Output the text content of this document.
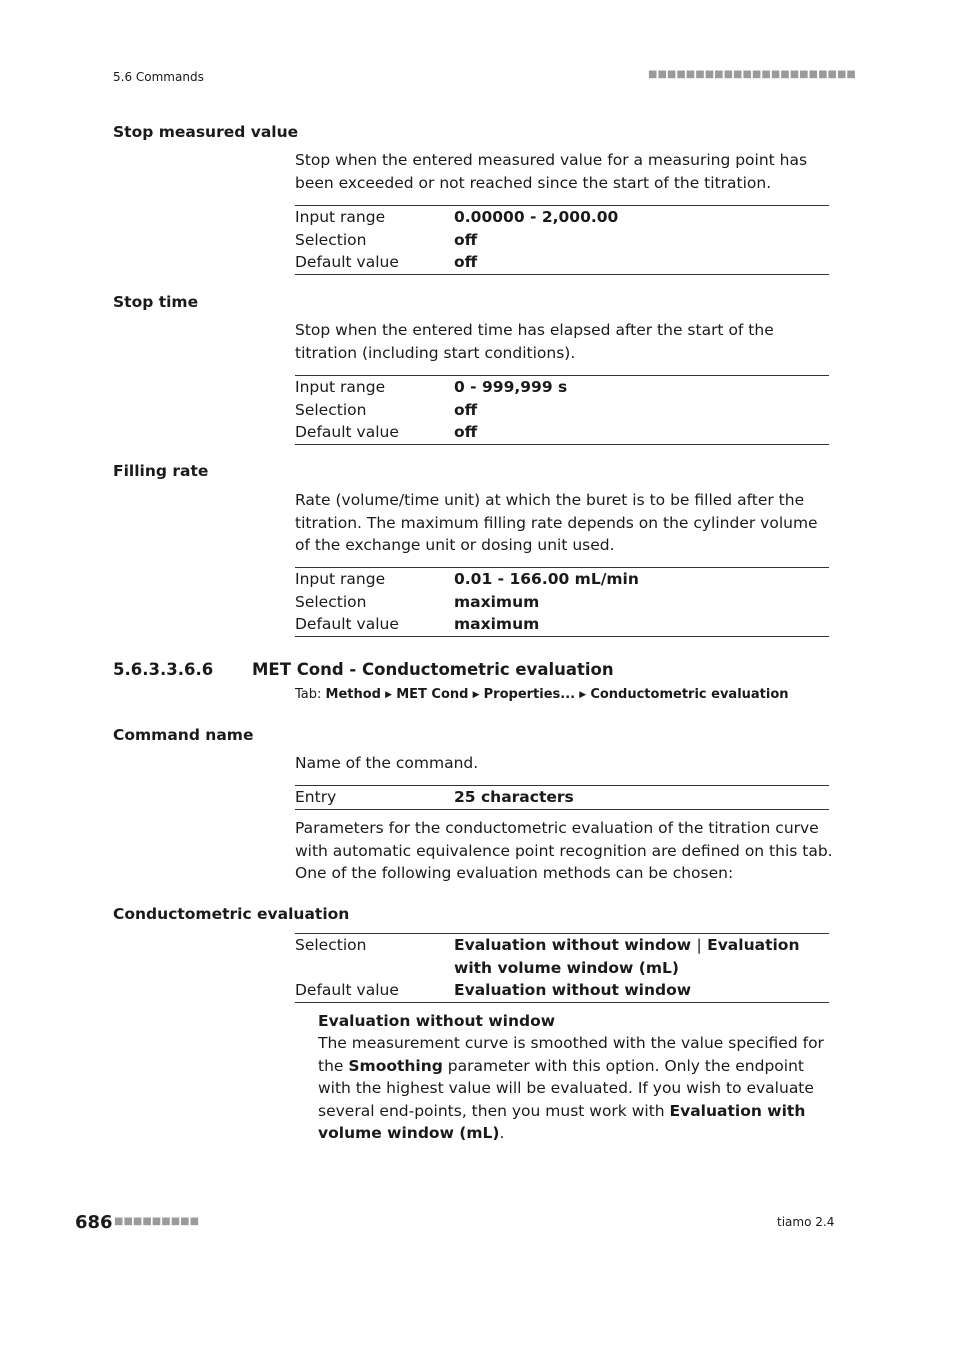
5.6 Commands	■■■■■■■■■■■■■■■■■■■■■■
Stop measured value
Stop when the entered measured value for a measuring point has been exceeded or not reached since the start of the titration.
Input range	0.00000 - 2,000.00
Selection	off
Default value	off
Stop time
Stop when the entered time has elapsed after the start of the titration (including start conditions).
Input range	0 - 999,999 s
Selection	off
Default value	off
Filling rate
Rate (volume/time unit) at which the buret is to be filled after the titration. The maximum filling rate depends on the cylinder volume of the exchange unit or dosing unit used.
Input range	0.01 - 166.00 mL/min
Selection	maximum
Default value	maximum
5.6.3.3.6.6 MET Cond - Conductometric evaluation
Tab: Method ▶ MET Cond ▶ Properties... ▶ Conductometric evaluation
Command name
Name of the command.
Entry	25 characters
Parameters for the conductometric evaluation of the titration curve with automatic equivalence point recognition are defined on this tab. One of the following evaluation methods can be chosen:
Conductometric evaluation
Selection	Evaluation without window | Evaluation with volume window (mL)
Default value	Evaluation without window
Evaluation without window
The measurement curve is smoothed with the value specified for the Smoothing parameter with this option. Only the endpoint with the highest value will be evaluated. If you wish to evaluate several end-points, then you must work with Evaluation with volume window (mL).
686 ■■■■■■■■■	tiamo 2.4
